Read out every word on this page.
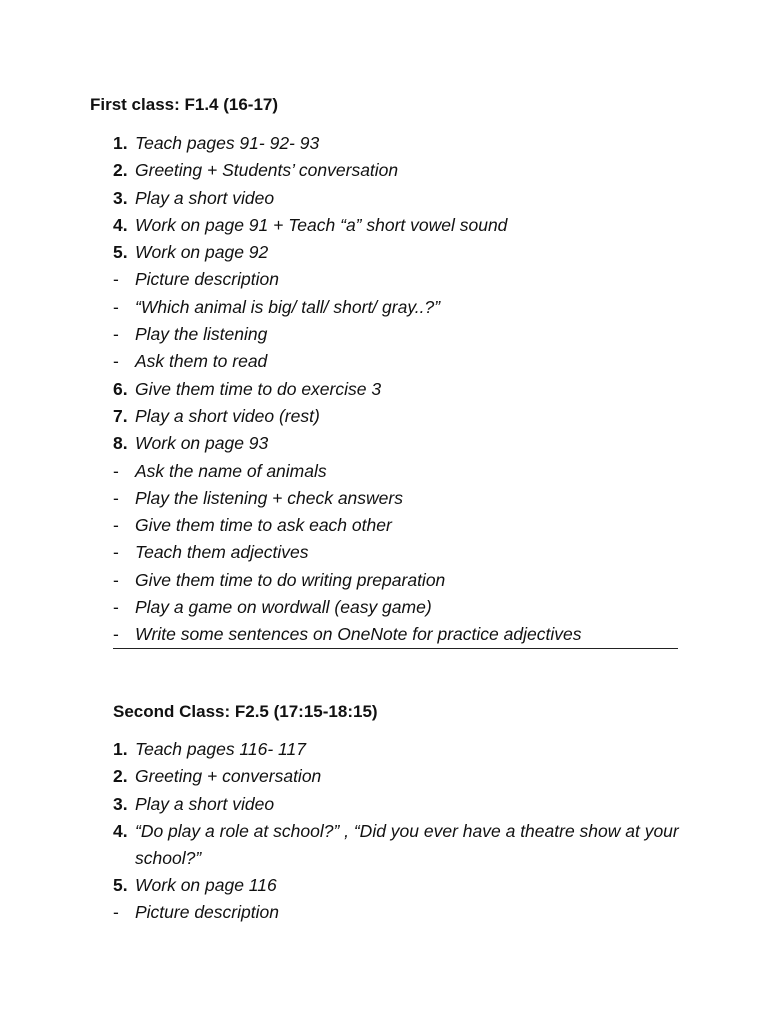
First class: F1.4 (16-17)
1. Teach pages 91- 92- 93
2. Greeting + Students’ conversation
3. Play a short video
4. Work on page 91 + Teach “a” short vowel sound
5. Work on page 92
- Picture description
- “Which animal is big/ tall/ short/ gray..?”
- Play the listening
- Ask them to read
6. Give them time to do exercise 3
7. Play a short video (rest)
8. Work on page 93
- Ask the name of animals
- Play the listening + check answers
- Give them time to ask each other
- Teach them adjectives
- Give them time to do writing preparation
- Play a game on wordwall (easy game)
- Write some sentences on OneNote for practice adjectives
Second Class: F2.5 (17:15-18:15)
1. Teach pages 116- 117
2. Greeting + conversation
3. Play a short video
4. “Do play a role at school?” , “Did you ever have a theatre show at your school?”
5. Work on page 116
- Picture description
